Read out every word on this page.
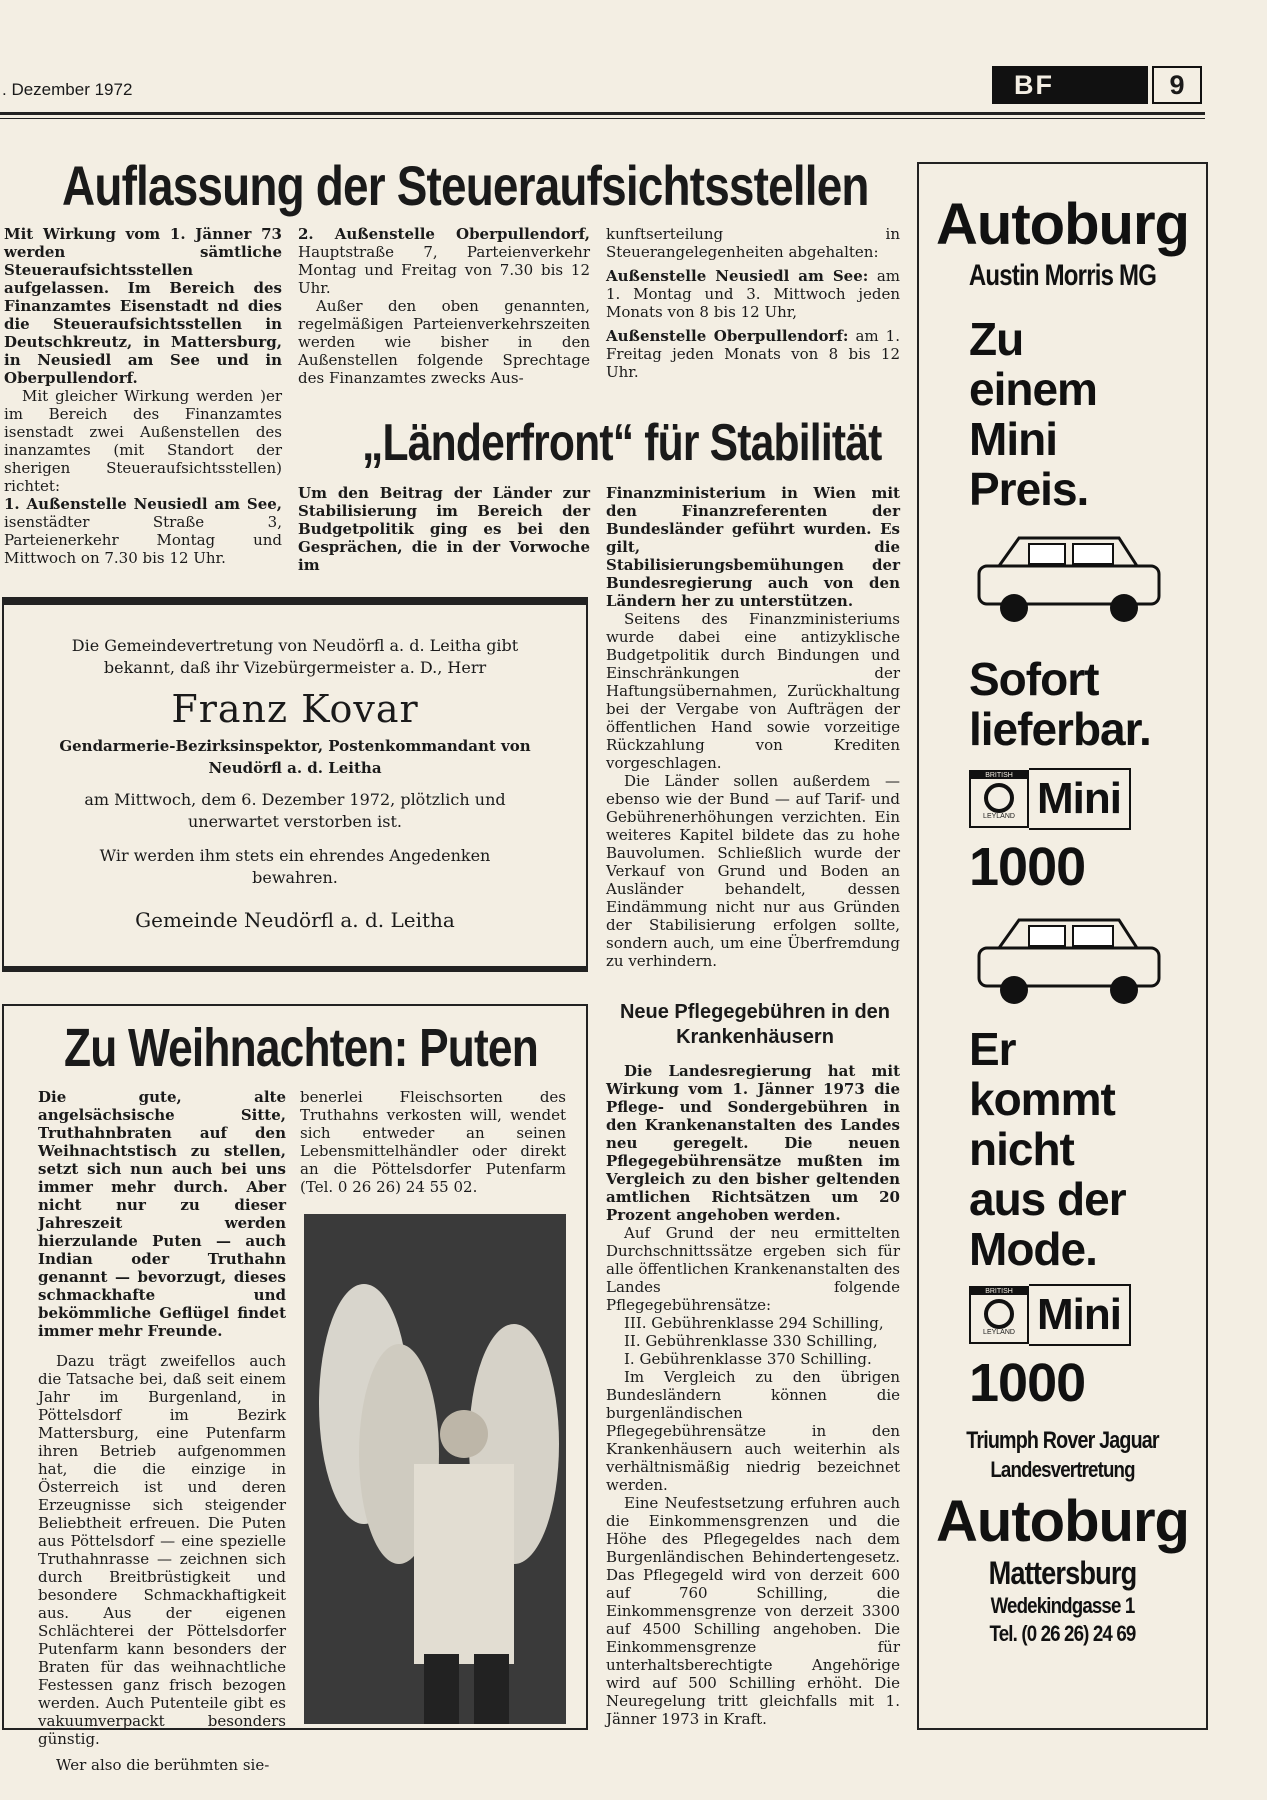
. Dezember 1972	BF	9
Auflassung der Steueraufsichtsstellen

Mit Wirkung vom 1. Jänner 73 werden sämtliche Steueraufsichtsstellen aufgelassen. Im Bereich des Finanzamtes Eisenstadt nd dies die Steueraufsichtsstellen in Deutschkreutz, in Mattersburg, in Neusiedl am See und in Oberpullendorf.

Mit gleicher Wirkung werden )er im Bereich des Finanzamtes isenstadt zwei Außenstellen des inanzamtes (mit Standort der sherigen Steueraufsichtsstellen) richtet:

1. Außenstelle Neusiedl am See, isenstädter Straße 3, Parteienerkehr Montag und Mittwoch on 7.30 bis 12 Uhr.

2. Außenstelle Oberpullendorf, Hauptstraße 7, Parteienverkehr Montag und Freitag von 7.30 bis 12 Uhr.

Außer den oben genannten, regelmäßigen Parteienverkehrszeiten werden wie bisher in den Außenstellen folgende Sprechtage des Finanzamtes zwecks Aus-

kunftserteilung in Steuerangelegenheiten abgehalten:

Außenstelle Neusiedl am See: am 1. Montag und 3. Mittwoch jeden Monats von 8 bis 12 Uhr,

Außenstelle Oberpullendorf: am 1. Freitag jeden Monats von 8 bis 12 Uhr.

„Länderfront“ für Stabilität
Um den Beitrag der Länder zur Stabilisierung im Bereich der Budgetpolitik ging es bei den Gesprächen, die in der Vorwoche im

Finanzministerium in Wien mit den Finanzreferenten der Bundesländer geführt wurden. Es gilt, die Stabilisierungsbemühungen der Bundesregierung auch von den Ländern her zu unterstützen.

Seitens des Finanzministeriums wurde dabei eine antizyklische Budgetpolitik durch Bindungen und Einschränkungen der Haftungsübernahmen, Zurückhaltung bei der Vergabe von Aufträgen der öffentlichen Hand sowie vorzeitige Rückzahlung von Krediten vorgeschlagen.

Die Länder sollen außerdem — ebenso wie der Bund — auf Tarif- und Gebührenerhöhungen verzichten. Ein weiteres Kapitel bildete das zu hohe Bauvolumen. Schließlich wurde der Verkauf von Grund und Boden an Ausländer behandelt, dessen Eindämmung nicht nur aus Gründen der Stabilisierung erfolgen sollte, sondern auch, um eine Überfremdung zu verhindern.

Die Gemeindevertretung von Neudörfl a. d. Leitha gibt bekannt, daß ihr Vizebürgermeister a. D., Herr

Franz Kovar

Gendarmerie-Bezirksinspektor, Postenkommandant von Neudörfl a. d. Leitha

am Mittwoch, dem 6. Dezember 1972, plötzlich und unerwartet verstorben ist.

Wir werden ihm stets ein ehrendes Angedenken bewahren.

Gemeinde Neudörfl a. d. Leitha

Zu Weihnachten: Puten

Die gute, alte angelsächsische Sitte, Truthahnbraten auf den Weihnachtstisch zu stellen, setzt sich nun auch bei uns immer mehr durch. Aber nicht nur zu dieser Jahreszeit werden hierzulande Puten — auch Indian oder Truthahn genannt — bevorzugt, dieses schmackhafte und bekömmliche Geflügel findet immer mehr Freunde.

Dazu trägt zweifellos auch die Tatsache bei, daß seit einem Jahr im Burgenland, in Pöttelsdorf im Bezirk Mattersburg, eine Putenfarm ihren Betrieb aufgenommen hat, die die einzige in Österreich ist und deren Erzeugnisse sich steigender Beliebtheit erfreuen. Die Puten aus Pöttelsdorf — eine spezielle Truthahnrasse — zeichnen sich durch Breitbrüstigkeit und besondere Schmackhaftigkeit aus. Aus der eigenen Schlächterei der Pöttelsdorfer Putenfarm kann besonders der Braten für das weihnachtliche Festessen ganz frisch bezogen werden. Auch Putenteile gibt es vakuumverpackt besonders günstig.

Wer also die berühmten sie-

benerlei Fleischsorten des Truthahns verkosten will, wendet sich entweder an seinen Lebensmittelhändler oder direkt an die Pöttelsdorfer Putenfarm (Tel. 0 26 26) 24 55 02.
Neue Pflegegebühren in den Krankenhäusern

Die Landesregierung hat mit Wirkung vom 1. Jänner 1973 die Pflege- und Sondergebühren in den Krankenanstalten des Landes neu geregelt. Die neuen Pflegegebührensätze mußten im Vergleich zu den bisher geltenden amtlichen Richtsätzen um 20 Prozent angehoben werden.

Auf Grund der neu ermittelten Durchschnittssätze ergeben sich für alle öffentlichen Krankenanstalten des Landes folgende Pflegegebührensätze:

III. Gebührenklasse 294 Schilling,

II. Gebührenklasse 330 Schilling,

I. Gebührenklasse 370 Schilling.

Im Vergleich zu den übrigen Bundesländern können die burgenländischen Pflegegebührensätze in den Krankenhäusern auch weiterhin als verhältnismäßig niedrig bezeichnet werden.

Eine Neufestsetzung erfuhren auch die Einkommensgrenzen und die Höhe des Pflegegeldes nach dem Burgenländischen Behindertengesetz. Das Pflegegeld wird von derzeit 600 auf 760 Schilling, die Einkommensgrenze von derzeit 3300 auf 4500 Schilling angehoben. Die Einkommensgrenze für unterhaltsberechtigte Angehörige wird auf 500 Schilling erhöht. Die Neuregelung tritt gleichfalls mit 1. Jänner 1973 in Kraft.

Autoburg
Austin Morris MG
Zu
einem
Mini
Preis.
Sofort
lieferbar.
BRITISH
LEYLAND Mini
1000
Er
kommt
nicht
aus der
Mode.
BRITISH
LEYLAND Mini
1000
Triumph Rover Jaguar
Landesvertretung
Autoburg
Mattersburg
Wedekindgasse 1
Tel. (0 26 26) 24 69
